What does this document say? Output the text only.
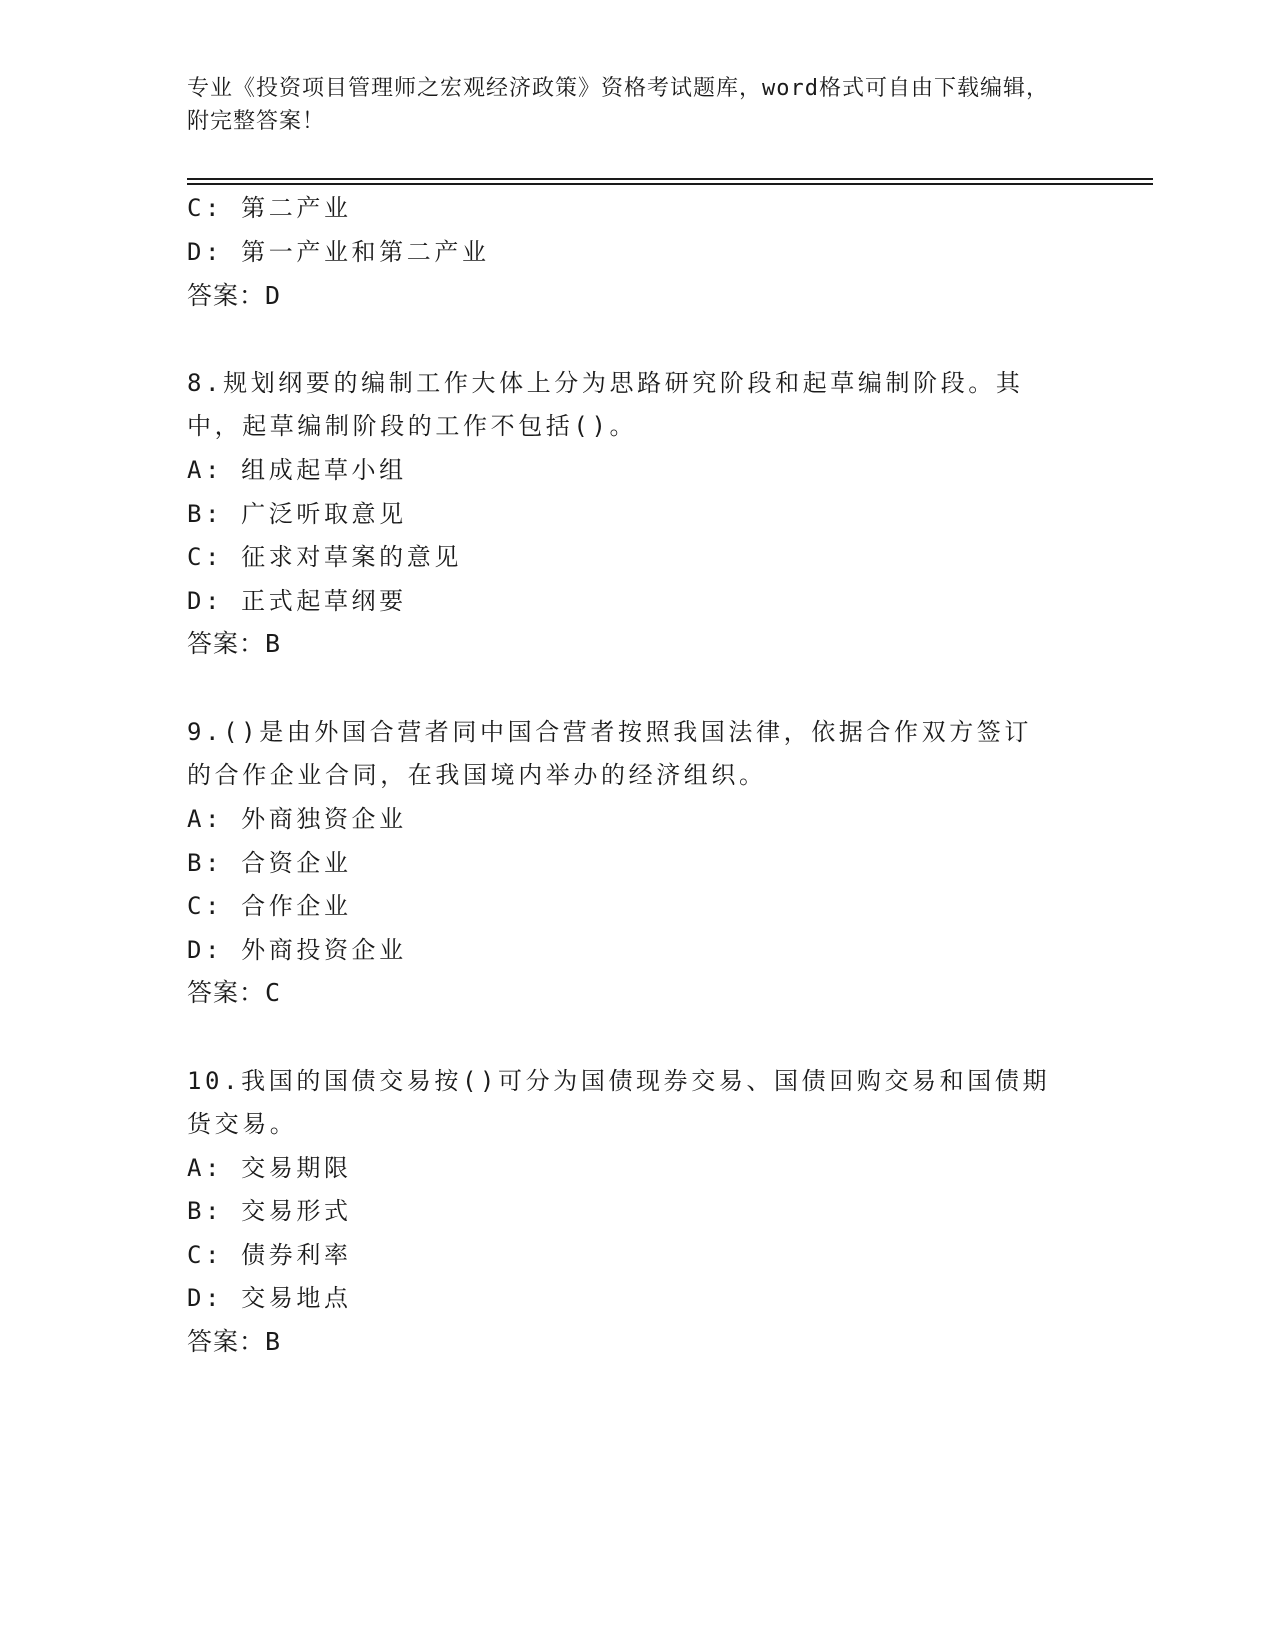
专业《投资项目管理师之宏观经济政策》资格考试题库，word格式可自由下载编辑，附完整答案！
C: 第二产业
D: 第一产业和第二产业
答案：D
8.规划纲要的编制工作大体上分为思路研究阶段和起草编制阶段。其
中，起草编制阶段的工作不包括()。
A: 组成起草小组
B: 广泛听取意见
C: 征求对草案的意见
D: 正式起草纲要
答案：B
9.()是由外国合营者同中国合营者按照我国法律，依据合作双方签订
的合作企业合同，在我国境内举办的经济组织。
A: 外商独资企业
B: 合资企业
C: 合作企业
D: 外商投资企业
答案：C
10.我国的国债交易按()可分为国债现券交易、国债回购交易和国债期
货交易。
A: 交易期限
B: 交易形式
C: 债券利率
D: 交易地点
答案：B
